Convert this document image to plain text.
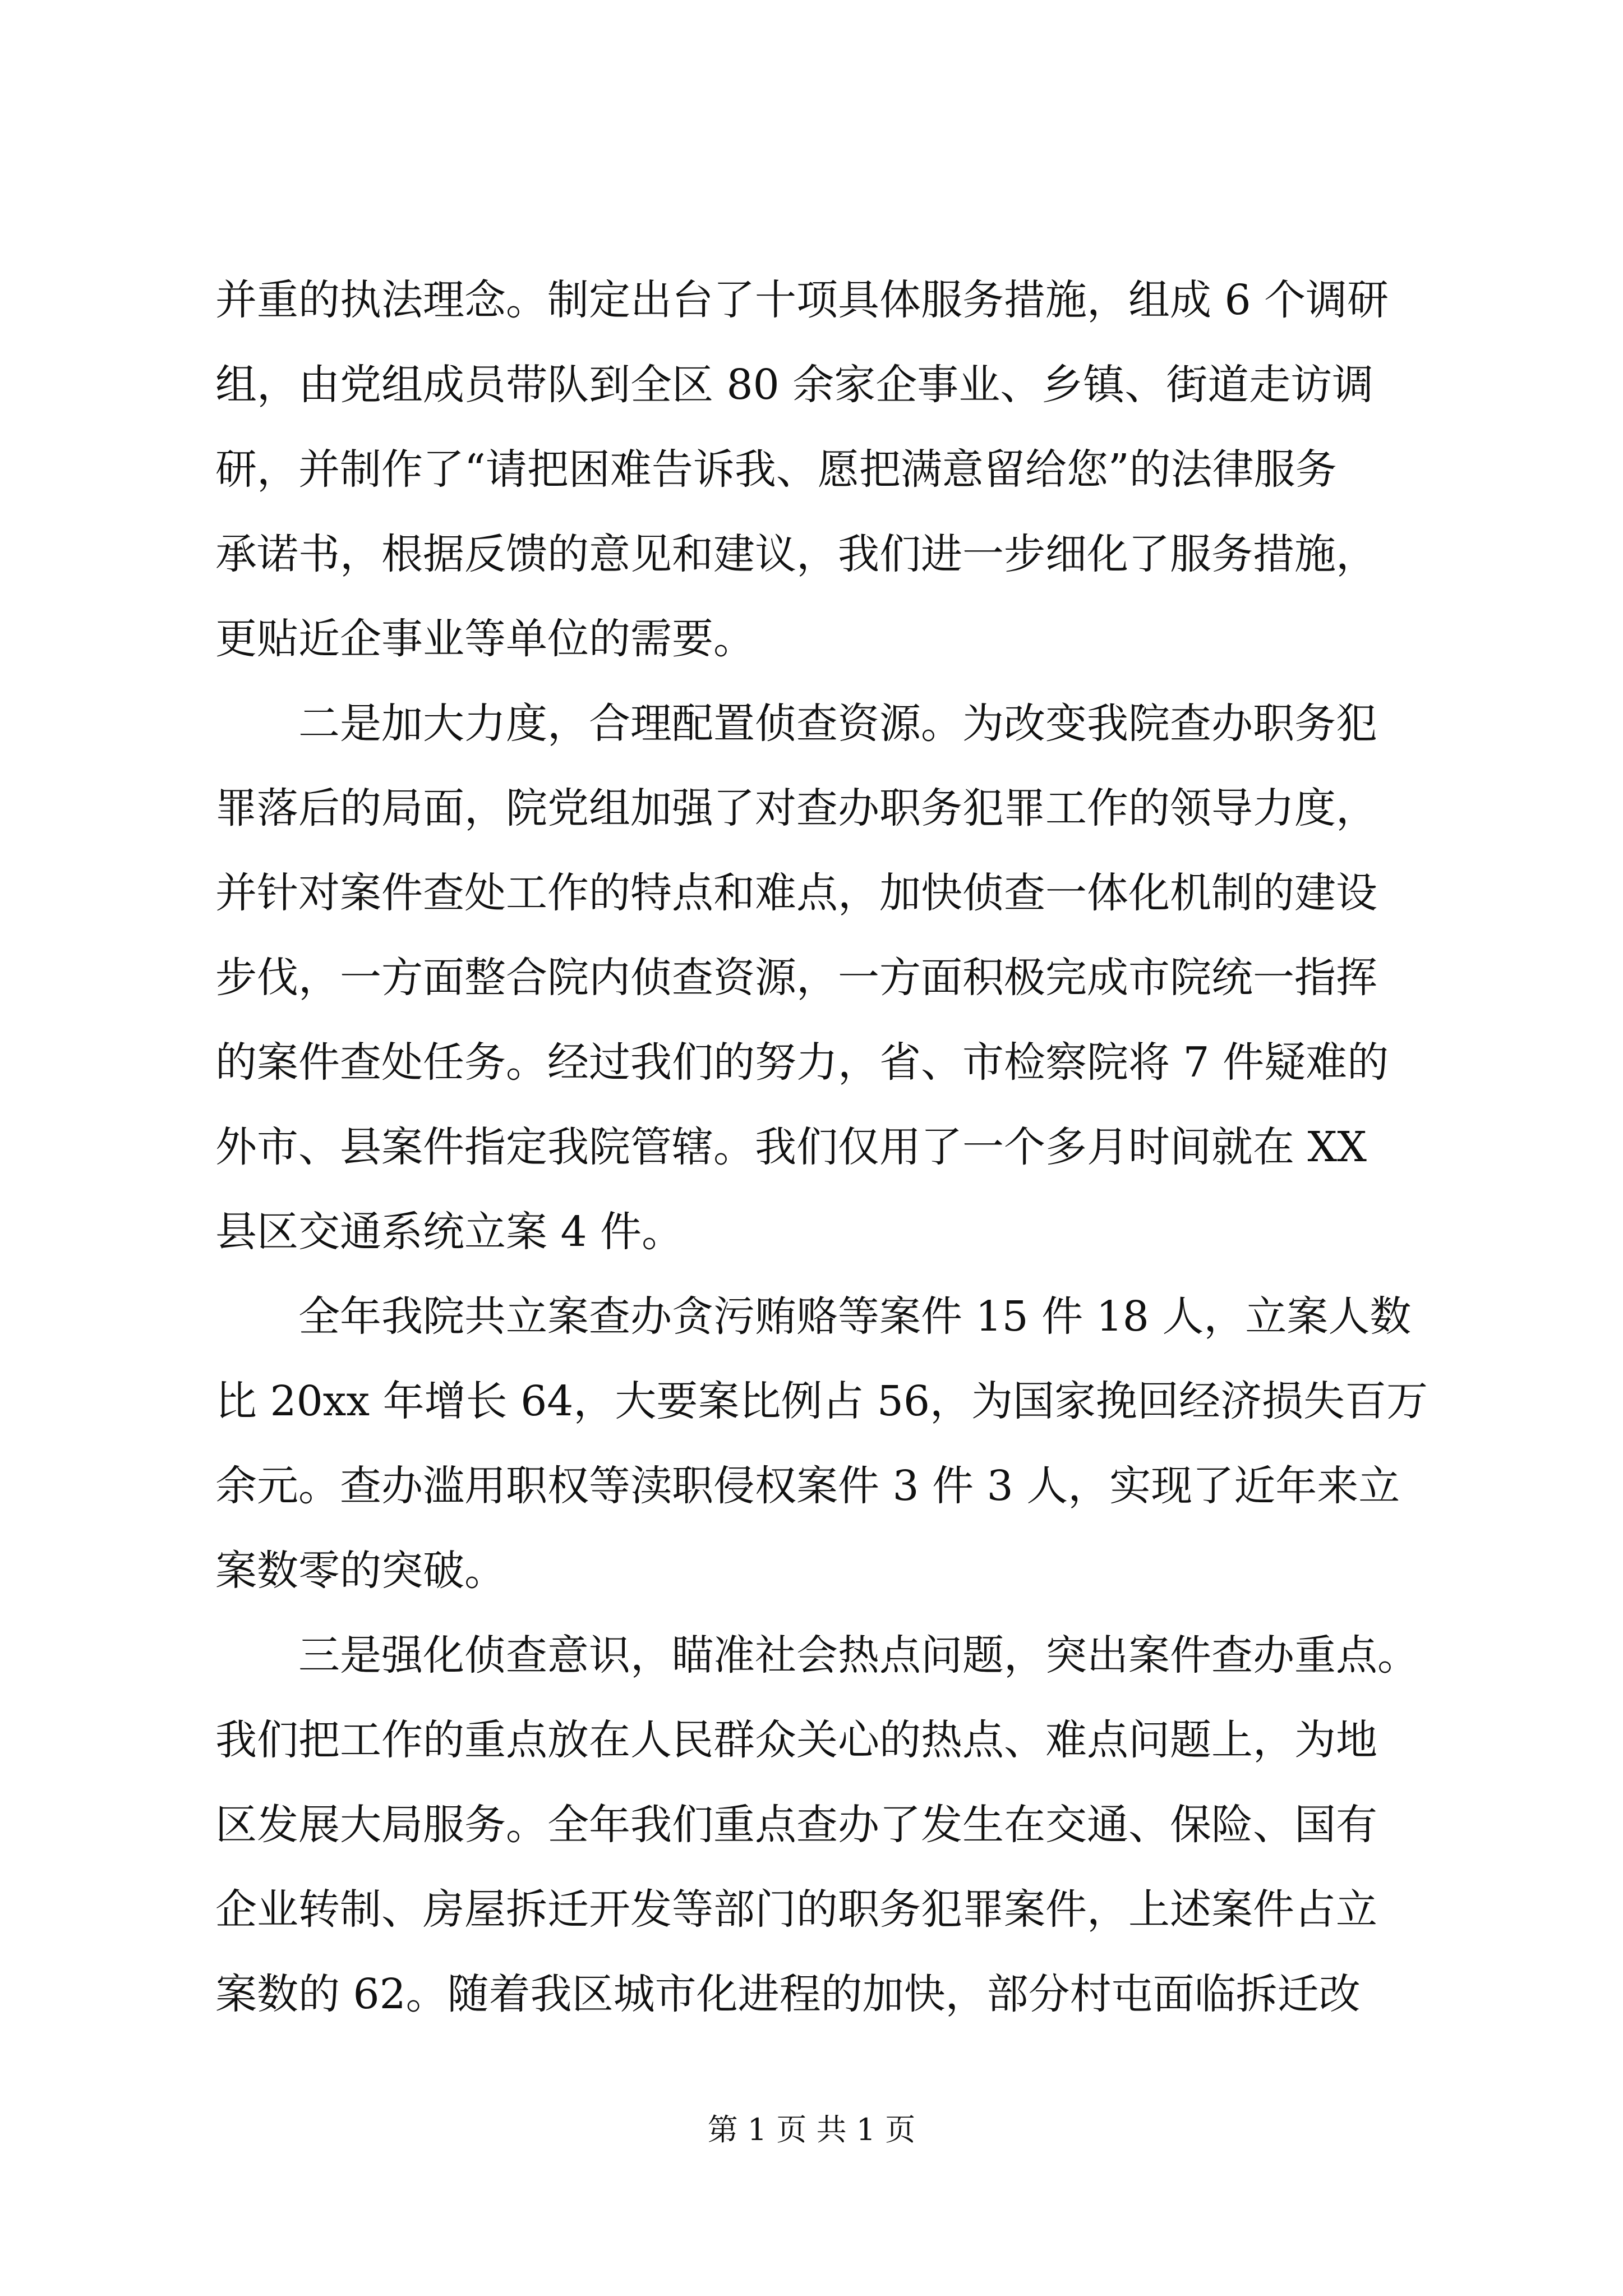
并重的执法理念。制定出台了十项具体服务措施，组成 6 个调研
组，由党组成员带队到全区 80 余家企事业、乡镇、街道走访调
研，并制作了“请把困难告诉我、愿把满意留给您”的法律服务
承诺书，根据反馈的意见和建议，我们进一步细化了服务措施，
更贴近企事业等单位的需要。
二是加大力度，合理配置侦查资源。为改变我院查办职务犯
罪落后的局面，院党组加强了对查办职务犯罪工作的领导力度，
并针对案件查处工作的特点和难点，加快侦查一体化机制的建设
步伐，一方面整合院内侦查资源，一方面积极完成市院统一指挥
的案件查处任务。经过我们的努力，省、市检察院将 7 件疑难的
外市、县案件指定我院管辖。我们仅用了一个多月时间就在 XX
县区交通系统立案 4 件。
全年我院共立案查办贪污贿赂等案件 15 件 18 人，立案人数
比 20xx 年增长 64，大要案比例占 56，为国家挽回经济损失百万
余元。查办滥用职权等渎职侵权案件 3 件 3 人，实现了近年来立
案数零的突破。
三是强化侦查意识，瞄准社会热点问题，突出案件查办重点。
我们把工作的重点放在人民群众关心的热点、难点问题上，为地
区发展大局服务。全年我们重点查办了发生在交通、保险、国有
企业转制、房屋拆迁开发等部门的职务犯罪案件，上述案件占立
案数的 62。随着我区城市化进程的加快，部分村屯面临拆迁改
第 1 页 共 1 页
